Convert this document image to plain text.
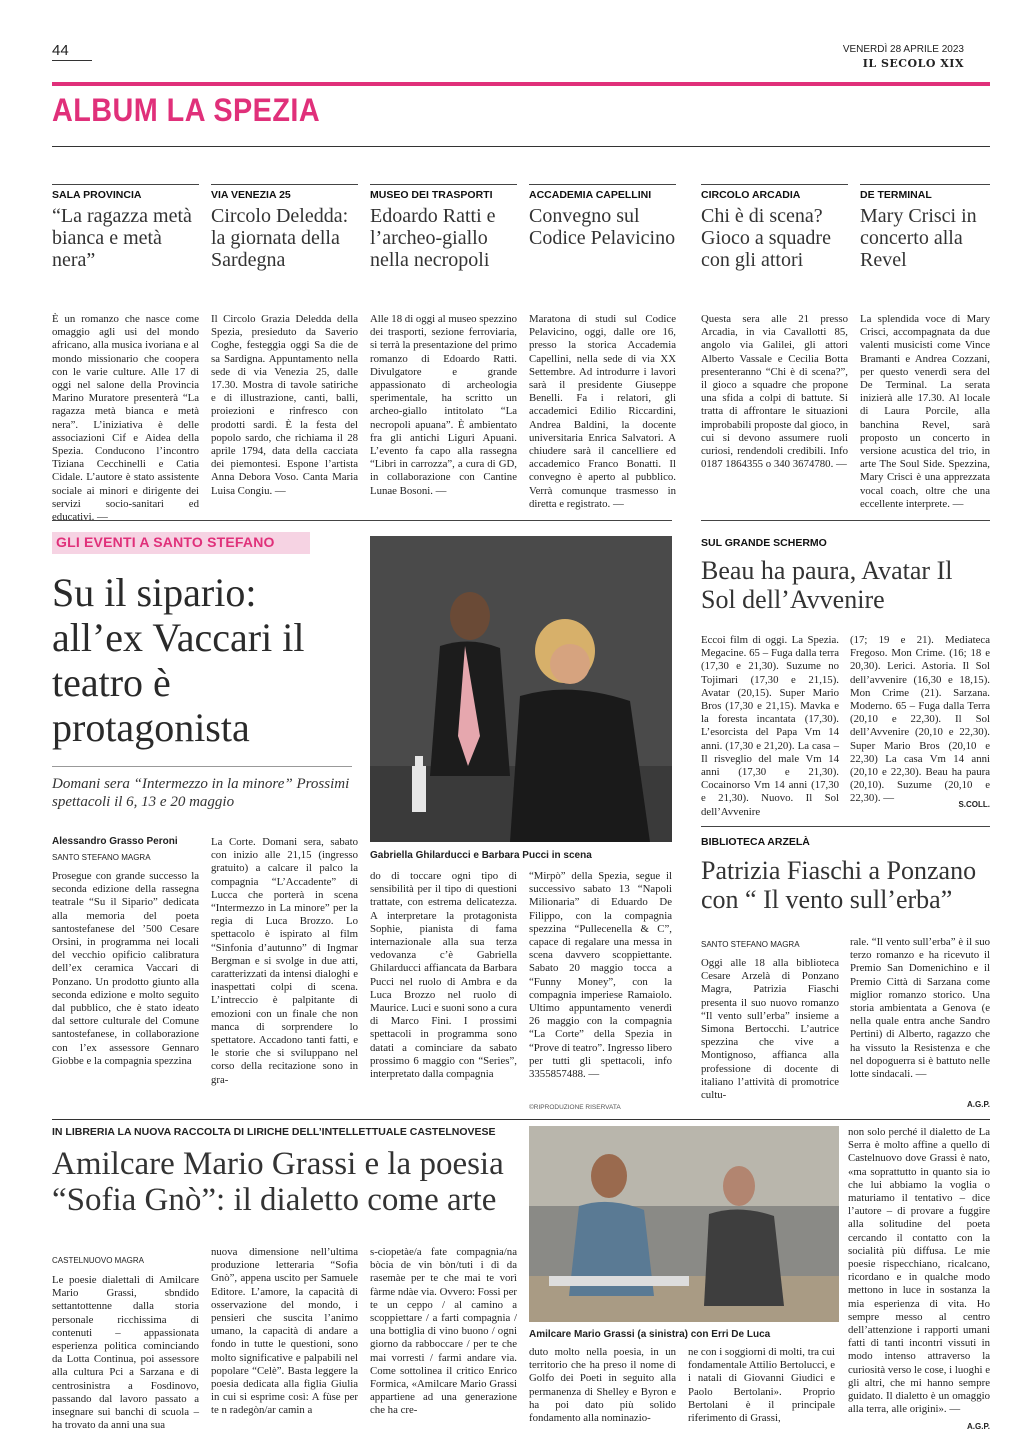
44	VENERDÌ 28 APRILE 2023
IL SECOLO XIX
ALBUM LA SPEZIA
SALA PROVINCIA
“La ragazza metà bianca e metà nera”
È un romanzo che nasce come omaggio agli usi del mondo africano, alla musica ivoriana e al mondo missionario che coopera con le varie culture. Alle 17 di oggi nel salone della Provincia Marino Muratore presenterà “La ragazza metà bianca e metà nera”. L’iniziativa è delle associazioni Cif e Aidea della Spezia. Conducono l’incontro Tiziana Cecchinelli e Catia Cidale. L’autore è stato assistente sociale ai minori e dirigente dei servizi socio-sanitari ed educativi. —
VIA VENEZIA 25
Circolo Deledda: la giornata della Sardegna
Il Circolo Grazia Deledda della Spezia, presieduto da Saverio Coghe, festeggia oggi Sa die de sa Sardigna. Appuntamento nella sede di via Venezia 25, dalle 17.30. Mostra di tavole satiriche e di illustrazione, canti, balli, proiezioni e rinfresco con prodotti sardi. È la festa del popolo sardo, che richiama il 28 aprile 1794, data della cacciata dei piemontesi. Espone l’artista Anna Debora Voso. Canta Maria Luisa Congiu. —
MUSEO DEI TRASPORTI
Edoardo Ratti e l’archeo-giallo nella necropoli
Alle 18 di oggi al museo spezzino dei trasporti, sezione ferroviaria, si terrà la presentazione del primo romanzo di Edoardo Ratti. Divulgatore e grande appassionato di archeologia sperimentale, ha scritto un archeo-giallo intitolato “La necropoli apuana”. È ambientato fra gli antichi Liguri Apuani. L’evento fa capo alla rassegna “Libri in carrozza”, a cura di GD, in collaborazione con Cantine Lunae Bosoni. —
ACCADEMIA CAPELLINI
Convegno sul Codice Pelavicino
Maratona di studi sul Codice Pelavicino, oggi, dalle ore 16, presso la storica Accademia Capellini, nella sede di via XX Settembre. Ad introdurre i lavori sarà il presidente Giuseppe Benelli. Fa i relatori, gli accademici Edilio Riccardini, Andrea Baldini, la docente universitaria Enrica Salvatori. A chiudere sarà il cancelliere ed accademico Franco Bonatti. Il convegno è aperto al pubblico. Verrà comunque trasmesso in diretta e registrato. —
CIRCOLO ARCADIA
Chi è di scena? Gioco a squadre con gli attori
Questa sera alle 21 presso Arcadia, in via Cavallotti 85, angolo via Galilei, gli attori Alberto Vassale e Cecilia Botta presenteranno “Chi è di scena?”, il gioco a squadre che propone una sfida a colpi di battute. Si tratta di affrontare le situazioni improbabili proposte dal gioco, in cui si devono assumere ruoli curiosi, rendendoli credibili. Info 0187 1864355 o 340 3674780. —
DE TERMINAL
Mary Crisci in concerto alla Revel
La splendida voce di Mary Crisci, accompagnata da due valenti musicisti come Vince Bramanti e Andrea Cozzani, per questo venerdì sera del De Terminal. La serata inizierà alle 17.30. Al locale di Laura Porcile, alla banchina Revel, sarà proposto un concerto in versione acustica del trio, in arte The Soul Side. Spezzina, Mary Crisci è una apprezzata vocal coach, oltre che una eccellente interprete. —
GLI EVENTI A SANTO STEFANO
Su il sipario: all’ex Vaccari il teatro è protagonista
Domani sera “Intermezzo in la minore” Prossimi spettacoli il 6, 13 e 20 maggio
Alessandro Grasso Peroni
SANTO STEFANO MAGRA
Prosegue con grande successo la seconda edizione della rassegna teatrale “Su il Sipario” dedicata alla memoria del poeta santostefanese del ’500 Cesare Orsini, in programma nei locali del vecchio opificio calibratura dell’ex ceramica Vaccari di Ponzano. Un prodotto giunto alla seconda edizione e molto seguito dal pubblico, che è stato ideato dal settore culturale del Comune santostefanese, in collaborazione con l’ex assessore Gennaro Giobbe e la compagnia spezzina
La Corte. Domani sera, sabato con inizio alle 21,15 (ingresso gratuito) a calcare il palco la compagnia “L’Accadente” di Lucca che porterà in scena “Intermezzo in La minore” per la regia di Luca Brozzo. Lo spettacolo è ispirato al film “Sinfonia d’autunno” di Ingmar Bergman e si svolge in due atti, caratterizzati da intensi dialoghi e inaspettati colpi di scena. L’intreccio è palpitante di emozioni con un finale che non manca di sorprendere lo spettatore. Accadono tanti fatti, e le storie che si sviluppano nel corso della recitazione sono in gra-
Gabriella Ghilarducci e Barbara Pucci in scena
do di toccare ogni tipo di sensibilità per il tipo di questioni trattate, con estrema delicatezza. A interpretare la protagonista Sophie, pianista di fama internazionale alla sua terza vedovanza c’è Gabriella Ghilarducci affiancata da Barbara Pucci nel ruolo di Ambra e da Luca Brozzo nel ruolo di Maurice. Luci e suoni sono a cura di Marco Fini. I prossimi spettacoli in programma sono datati a cominciare da sabato prossimo 6 maggio con “Series”, interpretato dalla compagnia
“Mirpò” della Spezia, segue il successivo sabato 13 “Napoli Milionaria” di Eduardo De Filippo, con la compagnia spezzina “Pullecenella & C”, capace di regalare una messa in scena davvero scoppiettante. Sabato 20 maggio tocca a “Funny Money”, con la compagnia imperiese Ramaiolo. Ultimo appuntamento venerdì 26 maggio con la compagnia “La Corte” della Spezia in “Prove di teatro”. Ingresso libero per tutti gli spettacoli, info 3355857488. —
©RIPRODUZIONE RISERVATA
SUL GRANDE SCHERMO
Beau ha paura, Avatar Il Sol dell’Avvenire
Eccoi film di oggi. La Spezia. Megacine. 65 – Fuga dalla terra (17,30 e 21,30). Suzume no Tojimari (17,30 e 21,15). Avatar (20,15). Super Mario Bros (17,30 e 21,15). Mavka e la foresta incantata (17,30). L’esorcista del Papa Vm 14 anni. (17,30 e 21,20). La casa – Il risveglio del male Vm 14 anni (17,30 e 21,30). Cocainorso Vm 14 anni (17,30 e 21,30). Nuovo. Il Sol dell’Avvenire
(17; 19 e 21). Mediateca Fregoso. Mon Crime. (16; 18 e 20,30). Lerici. Astoria. Il Sol dell’avvenire (16,30 e 18,15). Mon Crime (21). Sarzana. Moderno. 65 – Fuga dalla Terra (20,10 e 22,30). Il Sol dell’Avvenire (20,10 e 22,30). Super Mario Bros (20,10 e 22,30) La casa Vm 14 anni (20,10 e 22,30). Beau ha paura (20,10). Suzume (20,10 e 22,30). —
S.COLL.
BIBLIOTECA ARZELÀ
Patrizia Fiaschi a Ponzano con “ Il vento sull’erba”
SANTO STEFANO MAGRA
Oggi alle 18 alla biblioteca Cesare Arzelà di Ponzano Magra, Patrizia Fiaschi presenta il suo nuovo romanzo “Il vento sull’erba” insieme a Simona Bertocchi. L’autrice spezzina che vive a Montignoso, affianca alla professione di docente di italiano l’attività di promotrice cultu-
rale. “Il vento sull’erba” è il suo terzo romanzo e ha ricevuto il Premio San Domenichino e il Premio Città di Sarzana come miglior romanzo storico. Una storia ambientata a Genova (e nella quale entra anche Sandro Pertini) di Alberto, ragazzo che ha vissuto la Resistenza e che nel dopoguerra si è battuto nelle lotte sindacali. —
A.G.P.
IN LIBRERIA LA NUOVA RACCOLTA DI LIRICHE DELL’INTELLETTUALE CASTELNOVESE
Amilcare Mario Grassi e la poesia “Sofia Gnò”: il dialetto come arte
CASTELNUOVO MAGRA
Le poesie dialettali di Amilcare Mario Grassi, sbndido settantottenne dalla storia personale ricchissima di contenuti – appassionata esperienza politica cominciando da Lotta Continua, poi assessore alla cultura Pci a Sarzana e di centrosinistra a Fosdinovo, passando dal lavoro passato a insegnare sui banchi di scuola – ha trovato da anni una sua
nuova dimensione nell’ultima produzione letteraria “Sofia Gnò”, appena uscito per Samuele Editore. L’amore, la capacità di osservazione del mondo, i pensieri che suscita l’animo umano, la capacità di andare a fondo in tutte le questioni, sono molto significative e palpabili nel popolare “Celè”. Basta leggere la poesia dedicata alla figlia Giulia in cui si esprime così: A fùse per te n radegòn/ar camin a
s-ciopetàe/a fate compagnìa/na bòcia de vin bòn/tuti i dì da rasemàe per te che mai te vorì fàrme ndàe via. Ovvero: Fossi per te un ceppo / al camino a scoppiettare / a farti compagnia / una bottiglia di vino buono / ogni giorno da rabboccare / per te che mai vorresti / farmi andare via. Come sottolinea il critico Enrico Formica, «Amilcare Mario Grassi appartiene ad una generazione che ha cre-
Amilcare Mario Grassi (a sinistra) con Erri De Luca
duto molto nella poesia, in un territorio che ha preso il nome di Golfo dei Poeti in seguito alla permanenza di Shelley e Byron e ha poi dato più solido fondamento alla nominazio-
ne con i soggiorni di molti, tra cui fondamentale Attilio Bertolucci, e i natali di Giovanni Giudici e Paolo Bertolani». Proprio Bertolani è il principale riferimento di Grassi,
non solo perché il dialetto de La Serra è molto affine a quello di Castelnuovo dove Grassi è nato, «ma soprattutto in quanto sia io che lui abbiamo la voglia o maturiamo il tentativo – dice l’autore – di provare a fuggire alla solitudine del poeta cercando il contatto con la socialità più diffusa. Le mie poesie rispecchiano, ricalcano, ricordano e in qualche modo mettono in luce in sostanza la mia esperienza di vita. Ho sempre messo al centro dell’attenzione i rapporti umani fatti di tanti incontri vissuti in modo intenso attraverso la curiosità verso le cose, i luoghi e gli altri, che mi hanno sempre guidato. Il dialetto è un omaggio alla terra, alle origini». —
A.G.P.
